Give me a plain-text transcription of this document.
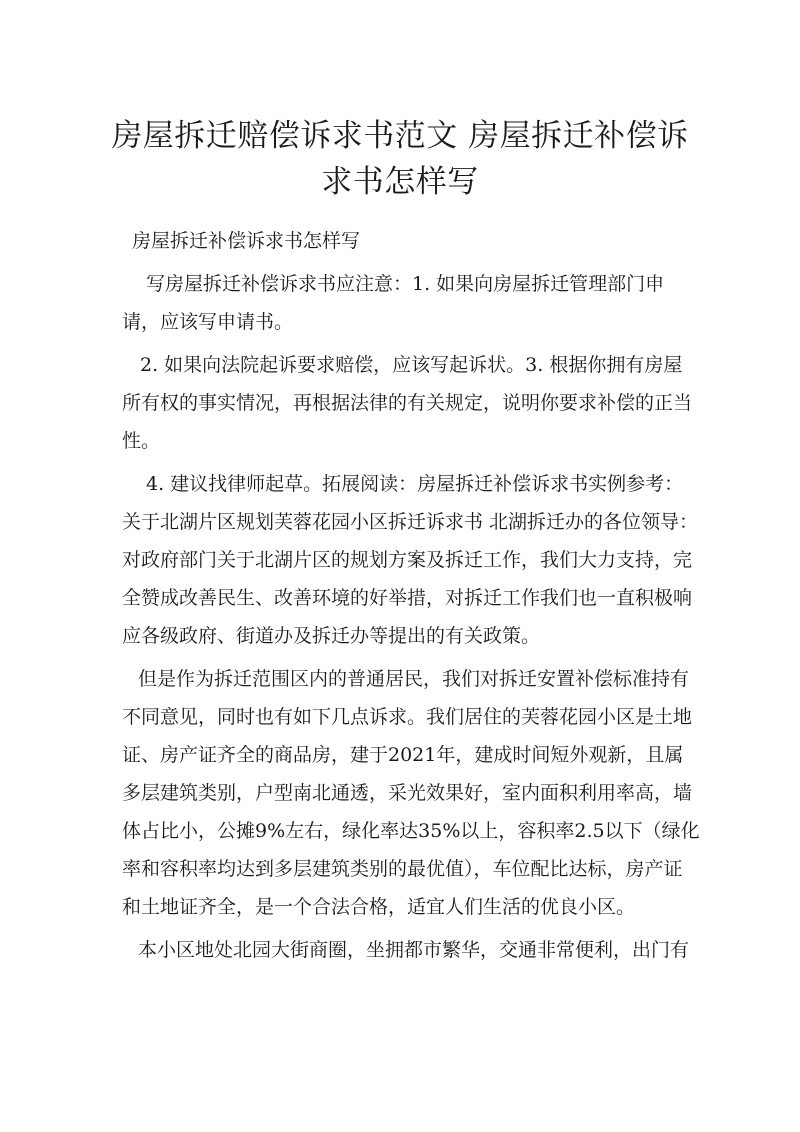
房屋拆迁赔偿诉求书范文 房屋拆迁补偿诉
求书怎样写

房屋拆迁补偿诉求书怎样写

写房屋拆迁补偿诉求书应注意：1. 如果向房屋拆迁管理部门申
请，应该写申请书。

2. 如果向法院起诉要求赔偿，应该写起诉状。3. 根据你拥有房屋
所有权的事实情况，再根据法律的有关规定，说明你要求补偿的正当
性。

4. 建议找律师起草。拓展阅读：房屋拆迁补偿诉求书实例参考：
关于北湖片区规划芙蓉花园小区拆迁诉求书 北湖拆迁办的各位领导：
对政府部门关于北湖片区的规划方案及拆迁工作，我们大力支持，完
全赞成改善民生、改善环境的好举措，对拆迁工作我们也一直积极响
应各级政府、街道办及拆迁办等提出的有关政策。

但是作为拆迁范围区内的普通居民，我们对拆迁安置补偿标准持有
不同意见，同时也有如下几点诉求。我们居住的芙蓉花园小区是土地
证、房产证齐全的商品房，建于2021年，建成时间短外观新，且属
多层建筑类别，户型南北通透，采光效果好，室内面积利用率高，墙
体占比小，公摊9%左右，绿化率达35%以上，容积率2.5以下（绿化
率和容积率均达到多层建筑类别的最优值），车位配比达标，房产证
和土地证齐全，是一个合法合格，适宜人们生活的优良小区。

本小区地处北园大街商圈，坐拥都市繁华，交通非常便利，出门有
